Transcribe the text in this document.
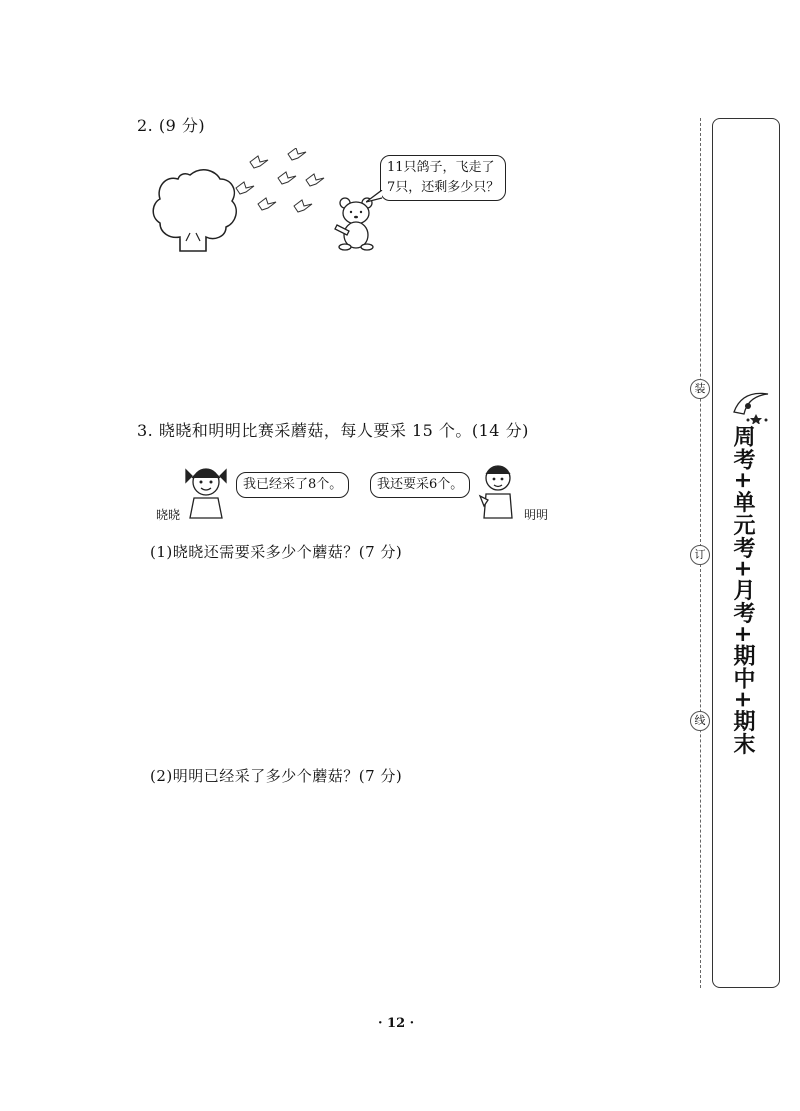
2. (9 分)
11只鸽子，飞走了
7只，还剩多少只？
3. 晓晓和明明比赛采蘑菇，每人要采 15 个。(14 分)
晓晓
我已经采了8个。	我还要采6个。
明明
(1)晓晓还需要采多少个蘑菇？(7 分)
(2)明明已经采了多少个蘑菇？(7 分)
装
订
线 周考+单元考+月考+期中+期末
· 12 ·
